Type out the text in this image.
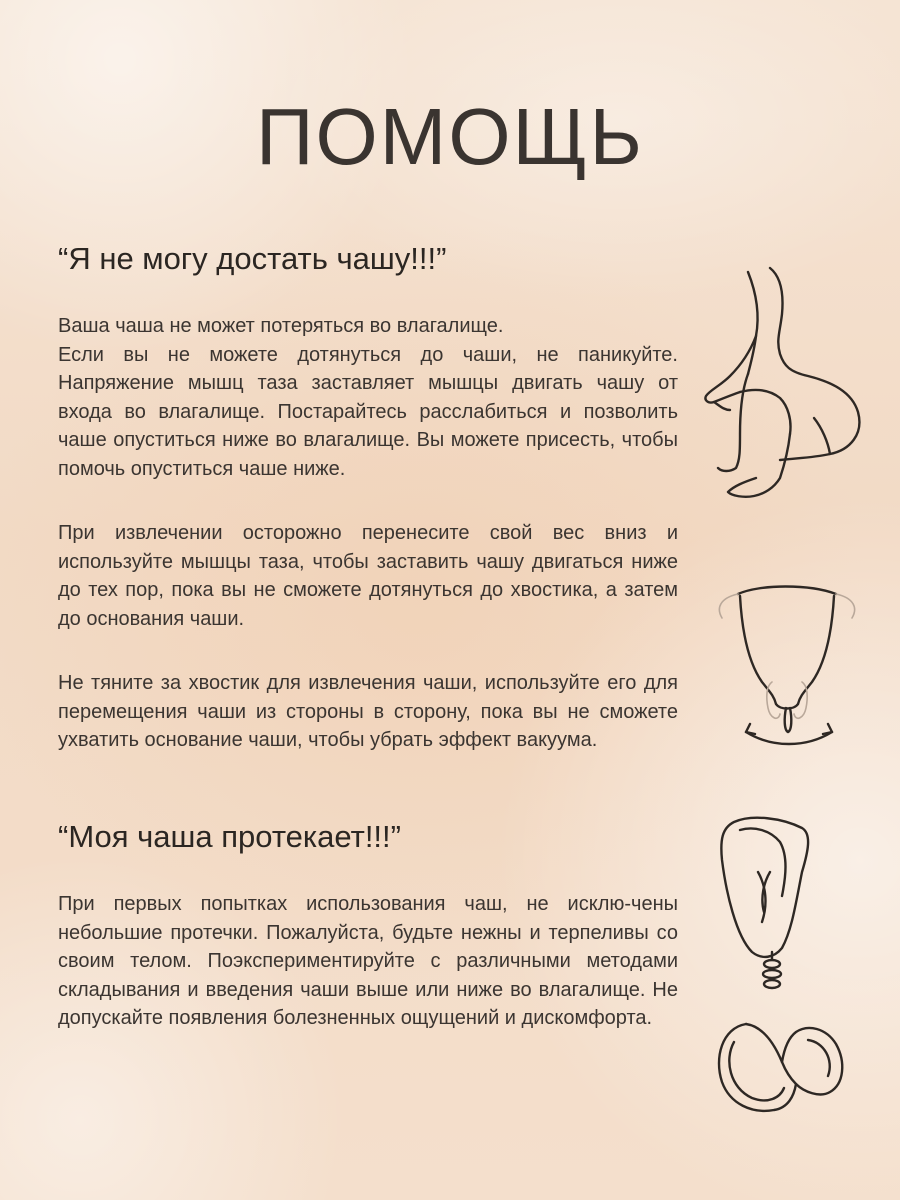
ПОМОЩЬ
“Я не могу достать чашу!!!”

Ваша чаша не может потеряться во влагалище.
Если вы не можете дотянуться до чаши, не паникуйте. Напряжение мышц таза заставляет мышцы двигать чашу от входа во влагалище. Постарайтесь расслабиться и позволить чаше опуститься ниже во влагалище. Вы можете присесть, чтобы помочь опуститься чаше ниже.

При извлечении осторожно перенесите свой вес вниз и используйте мышцы таза, чтобы заставить чашу двигаться ниже до тех пор, пока вы не сможете дотянуться до хвостика, а затем до основания чаши.

Не тяните за хвостик для извлечения чаши, используйте его для перемещения чаши из стороны в сторону, пока вы не сможете ухватить основание чаши, чтобы убрать эффект вакуума.

“Моя чаша протекает!!!”

При первых попытках использования чаш, не исклю-чены небольшие протечки. Пожалуйста, будьте нежны и терпеливы со своим телом. Поэкспериментируйте с различными методами складывания и введения чаши выше или ниже во влагалище. Не допускайте появления болезненных ощущений и дискомфорта.
